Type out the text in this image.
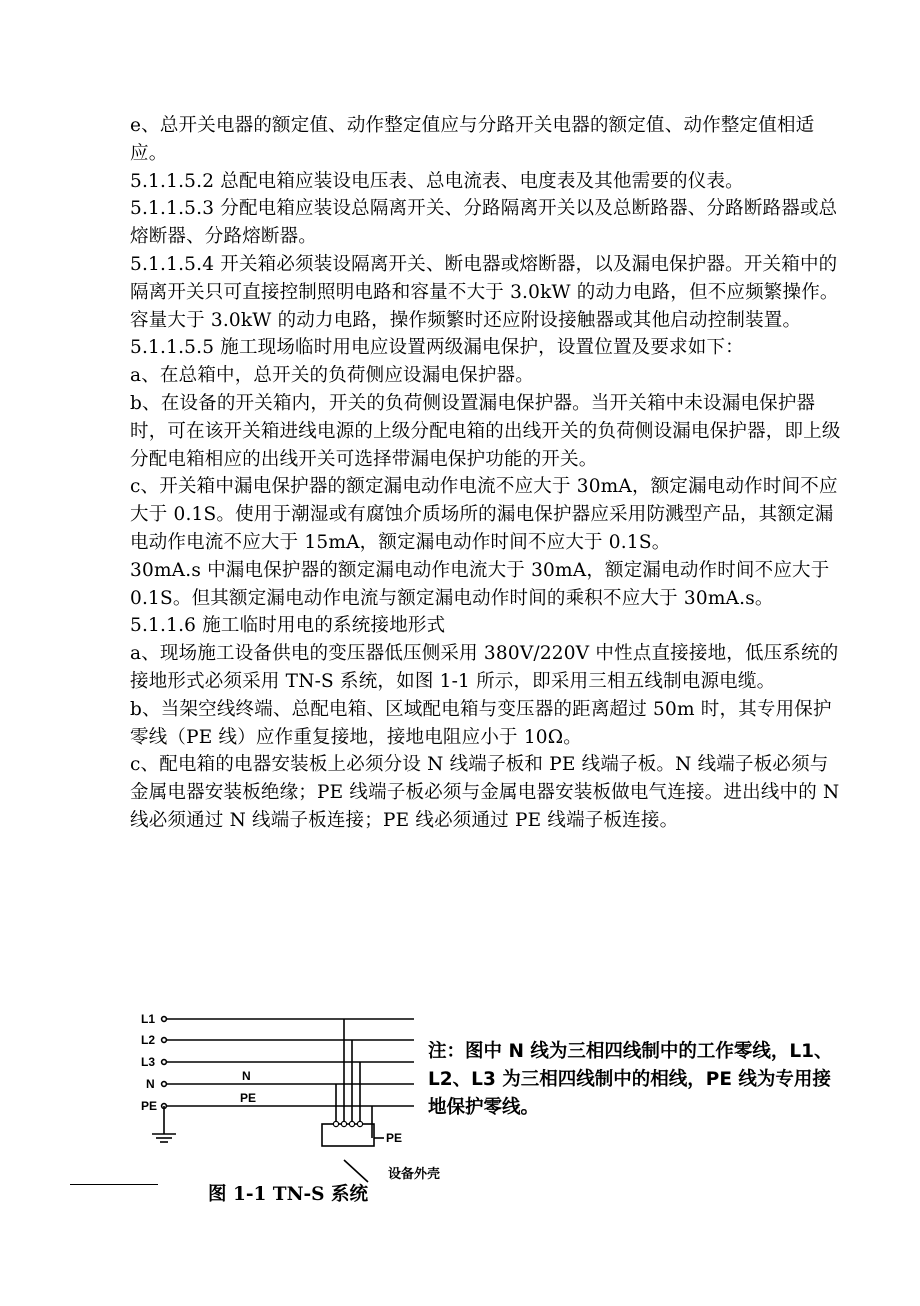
e、总开关电器的额定值、动作整定值应与分路开关电器的额定值、动作整定值相适应。

5.1.1.5.2 总配电箱应装设电压表、总电流表、电度表及其他需要的仪表。

5.1.1.5.3 分配电箱应装设总隔离开关、分路隔离开关以及总断路器、分路断路器或总熔断器、分路熔断器。

5.1.1.5.4 开关箱必须装设隔离开关、断电器或熔断器，以及漏电保护器。开关箱中的隔离开关只可直接控制照明电路和容量不大于 3.0kW 的动力电路，但不应频繁操作。容量大于 3.0kW 的动力电路，操作频繁时还应附设接触器或其他启动控制装置。

5.1.1.5.5 施工现场临时用电应设置两级漏电保护，设置位置及要求如下：

a、在总箱中，总开关的负荷侧应设漏电保护器。

b、在设备的开关箱内，开关的负荷侧设置漏电保护器。当开关箱中未设漏电保护器时，可在该开关箱进线电源的上级分配电箱的出线开关的负荷侧设漏电保护器，即上级分配电箱相应的出线开关可选择带漏电保护功能的开关。

c、开关箱中漏电保护器的额定漏电动作电流不应大于 30mA，额定漏电动作时间不应大于 0.1S。使用于潮湿或有腐蚀介质场所的漏电保护器应采用防溅型产品，其额定漏电动作电流不应大于 15mA，额定漏电动作时间不应大于 0.1S。

30mA.s 中漏电保护器的额定漏电动作电流大于 30mA，额定漏电动作时间不应大于 0.1S。但其额定漏电动作电流与额定漏电动作时间的乘积不应大于 30mA.s。

5.1.1.6 施工临时用电的系统接地形式

a、现场施工设备供电的变压器低压侧采用 380V/220V 中性点直接接地，低压系统的接地形式必须采用 TN-S 系统，如图 1-1 所示，即采用三相五线制电源电缆。

b、当架空线终端、总配电箱、区域配电箱与变压器的距离超过 50m 时，其专用保护零线（PE 线）应作重复接地，接地电阻应小于 10Ω。

c、配电箱的电器安装板上必须分设 N 线端子板和 PE 线端子板。N 线端子板必须与金属电器安装板绝缘；PE 线端子板必须与金属电器安装板做电气连接。进出线中的 N 线必须通过 N 线端子板连接；PE 线必须通过 PE 线端子板连接。

L1
L2
L3
N
PE
N
PE
PE
设备外壳
注：图中 N 线为三相四线制中的工作零线，L1、L2、L3 为三相四线制中的相线，PE 线为专用接地保护零线。
图 1-1 TN-S 系统
